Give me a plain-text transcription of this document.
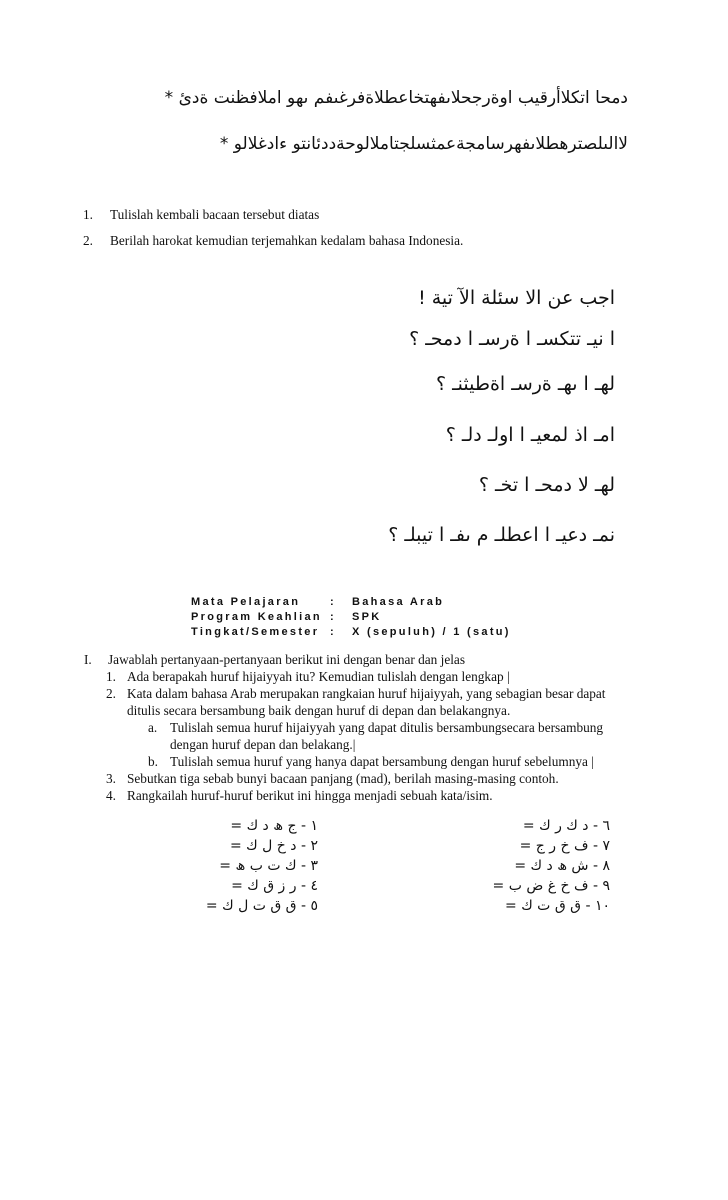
دمحا اتكلاأرقيب اوةرجحلاىفهتخاعطلاةفرغىفم ىهو املافظنت ةدئ *
لاالىلصترهطلاىفهرسامجةعمثسلجتاملالوحةددئانتو ءادغلالو *
1. Tulislah kembali bacaan tersebut diatas
2. Berilah harokat kemudian terjemahkan kedalam bahasa Indonesia.
اجب عن الا سئلة الآ تية !
ا نيـ تتكسـ ا ةرسـ ا دمحـ ؟
لهـ ا ىهـ ةرسـ اةطيثنـ ؟
امـ اذ لمعيـ ا اولـ دلـ ؟
لهـ لا دمحـ ا تخـ ؟
نمـ دعيـ ا اعطلـ م ىفـ ا تيبلـ ؟
Mata Pelajaran	: Bahasa Arab
Program Keahlian : SPK
Tingkat/Semester : X (sepuluh) / 1 (satu)
I. Jawablah pertanyaan-pertanyaan berikut ini dengan benar dan jelas
1. Ada berapakah huruf hijaiyyah itu? Kemudian tulislah dengan lengkap |
2. Kata dalam bahasa Arab merupakan rangkaian huruf hijaiyyah, yang sebagian besar dapat
ditulis secara bersambung baik dengan huruf di depan dan belakangnya.
a. Tulislah semua huruf hijaiyyah yang dapat ditulis bersambungsecara bersambung
dengan huruf depan dan belakang.|
b. Tulislah semua huruf yang hanya dapat bersambung dengan huruf sebelumnya |
3. Sebutkan tiga sebab bunyi bacaan panjang (mad), berilah masing-masing contoh.
4. Rangkailah huruf-huruf berikut ini hingga menjadi sebuah kata/isim.
١ - ج ھ د ك =
٢ - د خ ل ك =
٣ - ك ت ب ھ =
٤ - ر ز ق ك =
٥ - ق ق ت ل ك =
٦ - د ك ر ك =
٧ - ف خ ر ج =
٨ - ش ھ د ك =
٩ - ف خ غ ض ب =
١٠ - ق ق ت ك =
